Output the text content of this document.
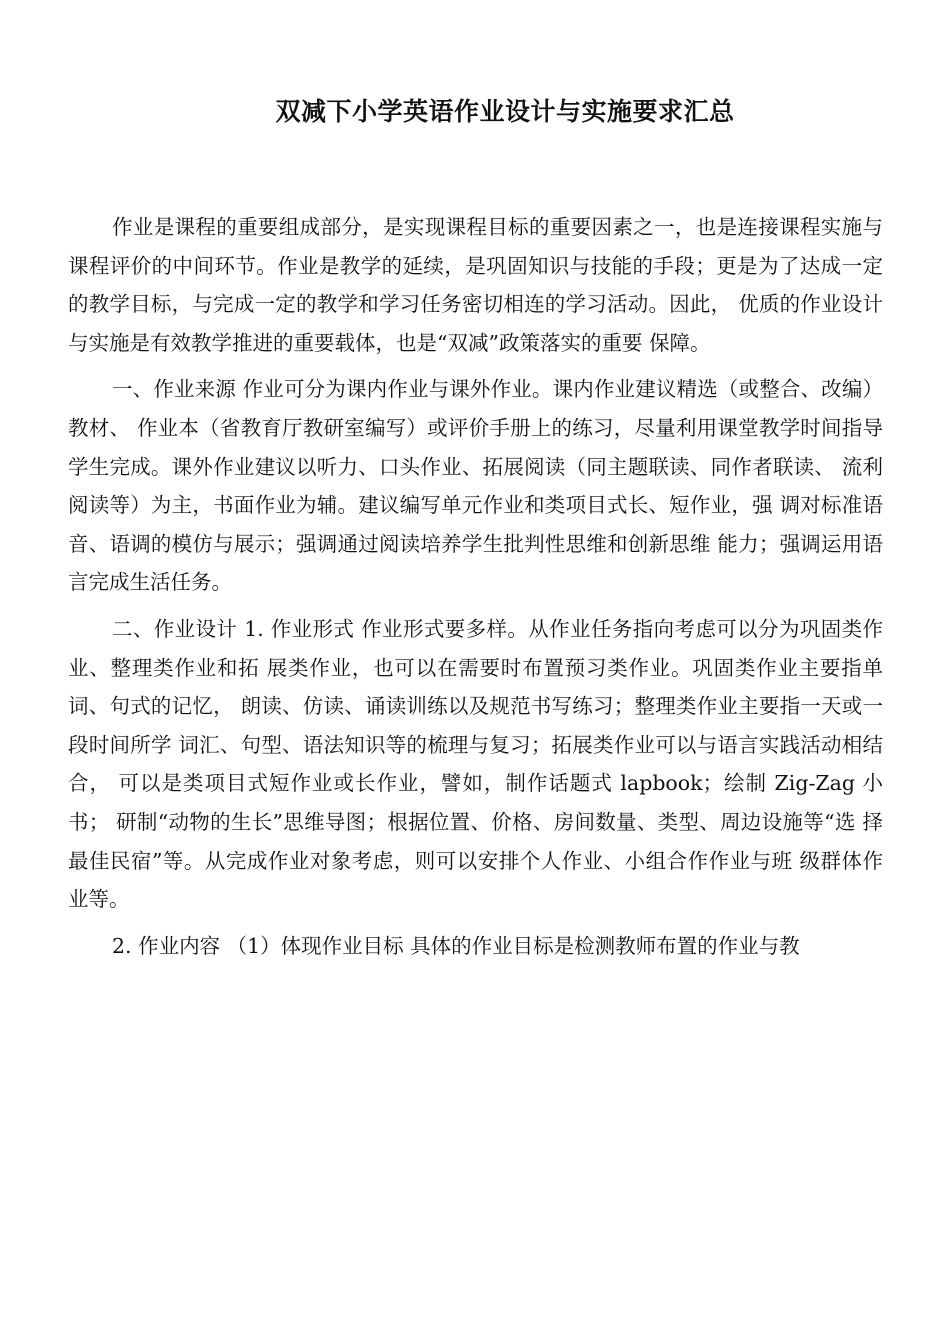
双减下小学英语作业设计与实施要求汇总

作业是课程的重要组成部分，是实现课程目标的重要因素之一，也是连接课程实施与课程评价的中间环节。作业是教学的延续，是巩固知识与技能的手段；更是为了达成一定的教学目标，与完成一定的教学和学习任务密切相连的学习活动。因此， 优质的作业设计与实施是有效教学推进的重要载体，也是“双减”政策落实的重要 保障。

一、作业来源 作业可分为课内作业与课外作业。课内作业建议精选（或整合、改编）教材、 作业本（省教育厅教研室编写）或评价手册上的练习，尽量利用课堂教学时间指导 学生完成。课外作业建议以听力、口头作业、拓展阅读（同主题联读、同作者联读、 流利阅读等）为主，书面作业为辅。建议编写单元作业和类项目式长、短作业，强 调对标准语音、语调的模仿与展示；强调通过阅读培养学生批判性思维和创新思维 能力；强调运用语言完成生活任务。

二、作业设计 1. 作业形式 作业形式要多样。从作业任务指向考虑可以分为巩固类作业、整理类作业和拓 展类作业，也可以在需要时布置预习类作业。巩固类作业主要指单词、句式的记忆， 朗读、仿读、诵读训练以及规范书写练习；整理类作业主要指一天或一段时间所学 词汇、句型、语法知识等的梳理与复习；拓展类作业可以与语言实践活动相结合， 可以是类项目式短作业或长作业，譬如，制作话题式 lapbook；绘制 Zig-Zag 小书； 研制“动物的生长”思维导图；根据位置、价格、房间数量、类型、周边设施等“选 择最佳民宿”等。从完成作业对象考虑，则可以安排个人作业、小组合作作业与班 级群体作业等。

2. 作业内容 （1）体现作业目标 具体的作业目标是检测教师布置的作业与教
